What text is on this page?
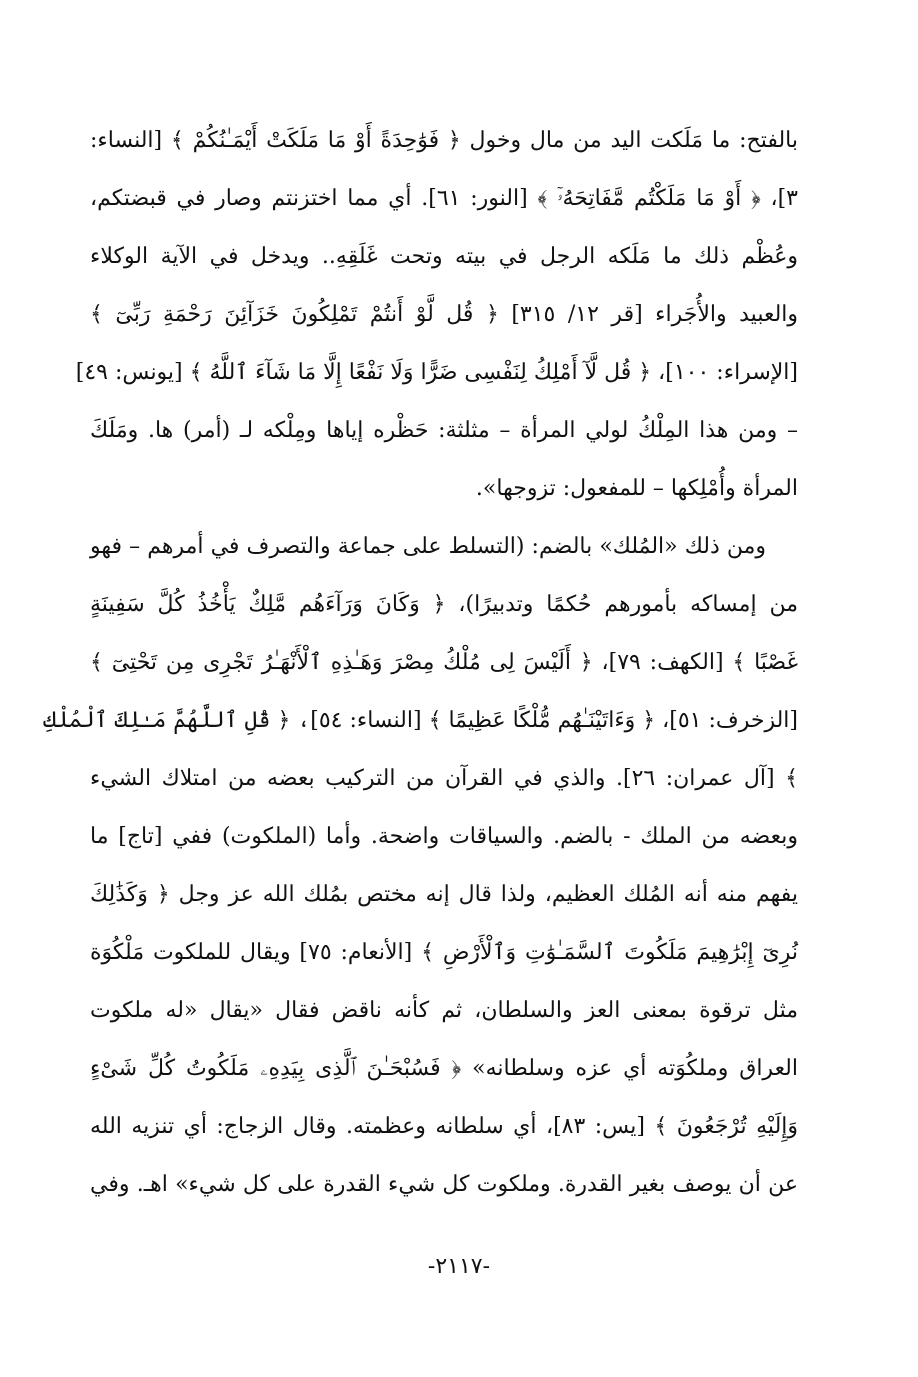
بالفتح: ما مَلَكت اليد من مال وخول ﴿ فَوَٰحِدَةً أَوْ مَا مَلَكَتْ أَيْمَـٰنُكُمْ ﴾ [النساء:
٣]، ﴿ أَوْ مَا مَلَكْتُم مَّفَاتِحَهُۥٓ ﴾ [النور: ٦١]. أي مما اختزنتم وصار في قبضتكم،
وعُظْم ذلك ما مَلَكه الرجل في بيته وتحت غَلَقِهِ.. ويدخل في الآية الوكلاء
والعبيد والأُجَراء [قر ١٢/ ٣١٥] ﴿ قُل لَّوْ أَنتُمْ تَمْلِكُونَ خَزَآئِنَ رَحْمَةِ رَبِّىٓ ﴾
[الإسراء: ١٠٠]، ﴿ قُل لَّآ أَمْلِكُ لِنَفْسِى ضَرًّا وَلَا نَفْعًا إِلَّا مَا شَآءَ ٱللَّهُ ﴾ [يونس: ٤٩]
– ومن هذا المِلْكُ لولي المرأة – مثلثة: حَظْره إياها ومِلْكه لـ (أمر) ها. ومَلَكَ
المرأة وأُمْلِكها – للمفعول: تزوجها».
ومن ذلك «المُلك» بالضم: (التسلط على جماعة والتصرف في أمرهم – فهو
من إمساكه بأمورهم حُكمًا وتدبيرًا)، ﴿ وَكَانَ وَرَآءَهُم مَّلِكٌ يَأْخُذُ كُلَّ سَفِينَةٍ
غَصْبًا ﴾ [الكهف: ٧٩]، ﴿ أَلَيْسَ لِى مُلْكُ مِصْرَ وَهَـٰذِهِ ٱلْأَنْهَـٰرُ تَجْرِى مِن تَحْتِىٓ ﴾
[الزخرف: ٥١]، ﴿ وَءَاتَيْنَـٰهُم مُّلْكًا عَظِيمًا ﴾ [النساء: ٥٤]، ﴿ قُلِ ٱللَّهُمَّ مَـٰلِكَ ٱلْمُلْكِ
﴾ [آل عمران: ٢٦]. والذي في القرآن من التركيب بعضه من امتلاك الشيء
وبعضه من الملك - بالضم. والسياقات واضحة. وأما (الملكوت) ففي [تاج] ما
يفهم منه أنه المُلك العظيم، ولذا قال إنه مختص بمُلك الله عز وجل ﴿ وَكَذَٰلِكَ
نُرِىٓ إِبْرَٰهِيمَ مَلَكُوتَ ٱلسَّمَـٰوَٰتِ وَٱلْأَرْضِ ﴾ [الأنعام: ٧٥] ويقال للملكوت مَلْكُوَة
مثل ترقوة بمعنى العز والسلطان، ثم كأنه ناقض فقال «يقال «له ملكوت
العراق وملكُوَته أي عزه وسلطانه» ﴿ فَسُبْحَـٰنَ ٱلَّذِى بِيَدِهِۦ مَلَكُوتُ كُلِّ شَىْءٍ
وَإِلَيْهِ تُرْجَعُونَ ﴾ [يس: ٨٣]، أي سلطانه وعظمته. وقال الزجاج: أي تنزيه الله
عن أن يوصف بغير القدرة. وملكوت كل شيء القدرة على كل شيء» اهـ. وفي
-٢١١٧-
